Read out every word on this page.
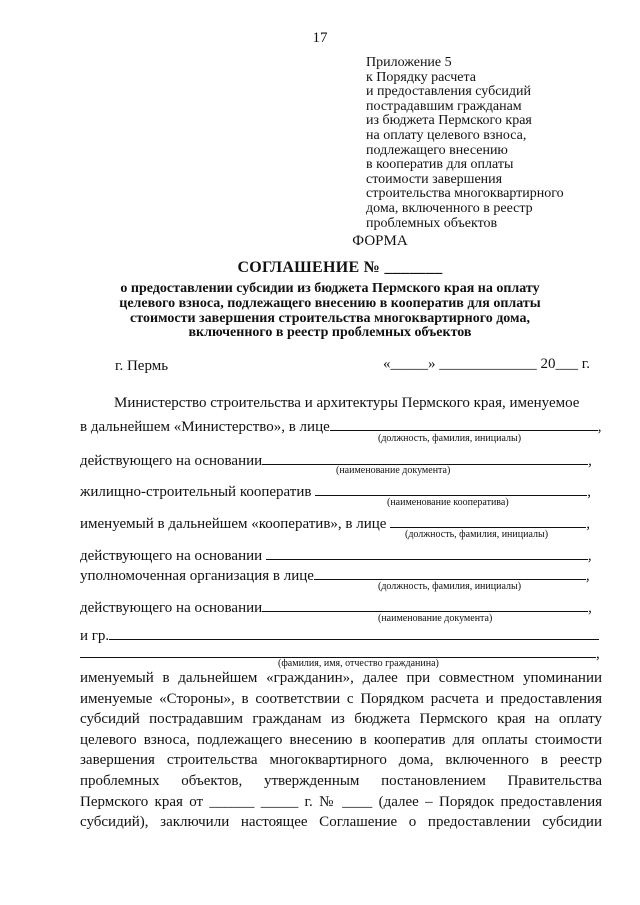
17
Приложение 5
к Порядку расчета
и предоставления субсидий
пострадавшим гражданам
из бюджета Пермского края
на оплату целевого взноса,
подлежащего внесению
в кооператив для оплаты
стоимости завершения
строительства многоквартирного
дома, включенного в реестр
проблемных объектов
ФОРМА
СОГЛАШЕНИЕ № _______
о предоставлении субсидии из бюджета Пермского края на оплату
целевого взноса, подлежащего внесению в кооператив для оплаты
стоимости завершения строительства многоквартирного дома,
включенного в реестр проблемных объектов
г. Пермь	«_____» _____________ 20___ г.
Министерство строительства и архитектуры Пермского края, именуемое
в дальнейшем «Министерство», в лице	,
(должность, фамилия, инициалы)
действующего на основании	,
(наименование документа)
жилищно-строительный кооператив	,
(наименование кооператива)
именуемый в дальнейшем «кооператив», в лице	,
(должность, фамилия, инициалы)
действующего на основании	,
уполномоченная организация в лице	,
(должность, фамилия, инициалы)
действующего на основании	,
(наименование документа)
и гр.
,
(фамилия, имя, отчество гражданина)
именуемый в дальнейшем «гражданин», далее при совместном упоминании
именуемые «Стороны», в соответствии с Порядком расчета и предоставления
субсидий пострадавшим гражданам из бюджета Пермского края на оплату
целевого взноса, подлежащего внесению в кооператив для оплаты стоимости
завершения строительства многоквартирного дома, включенного в реестр
проблемных объектов, утвержденным постановлением Правительства
Пермского края от ______ _____ г. № ____ (далее – Порядок предоставления
субсидий), заключили настоящее Соглашение о предоставлении субсидии
